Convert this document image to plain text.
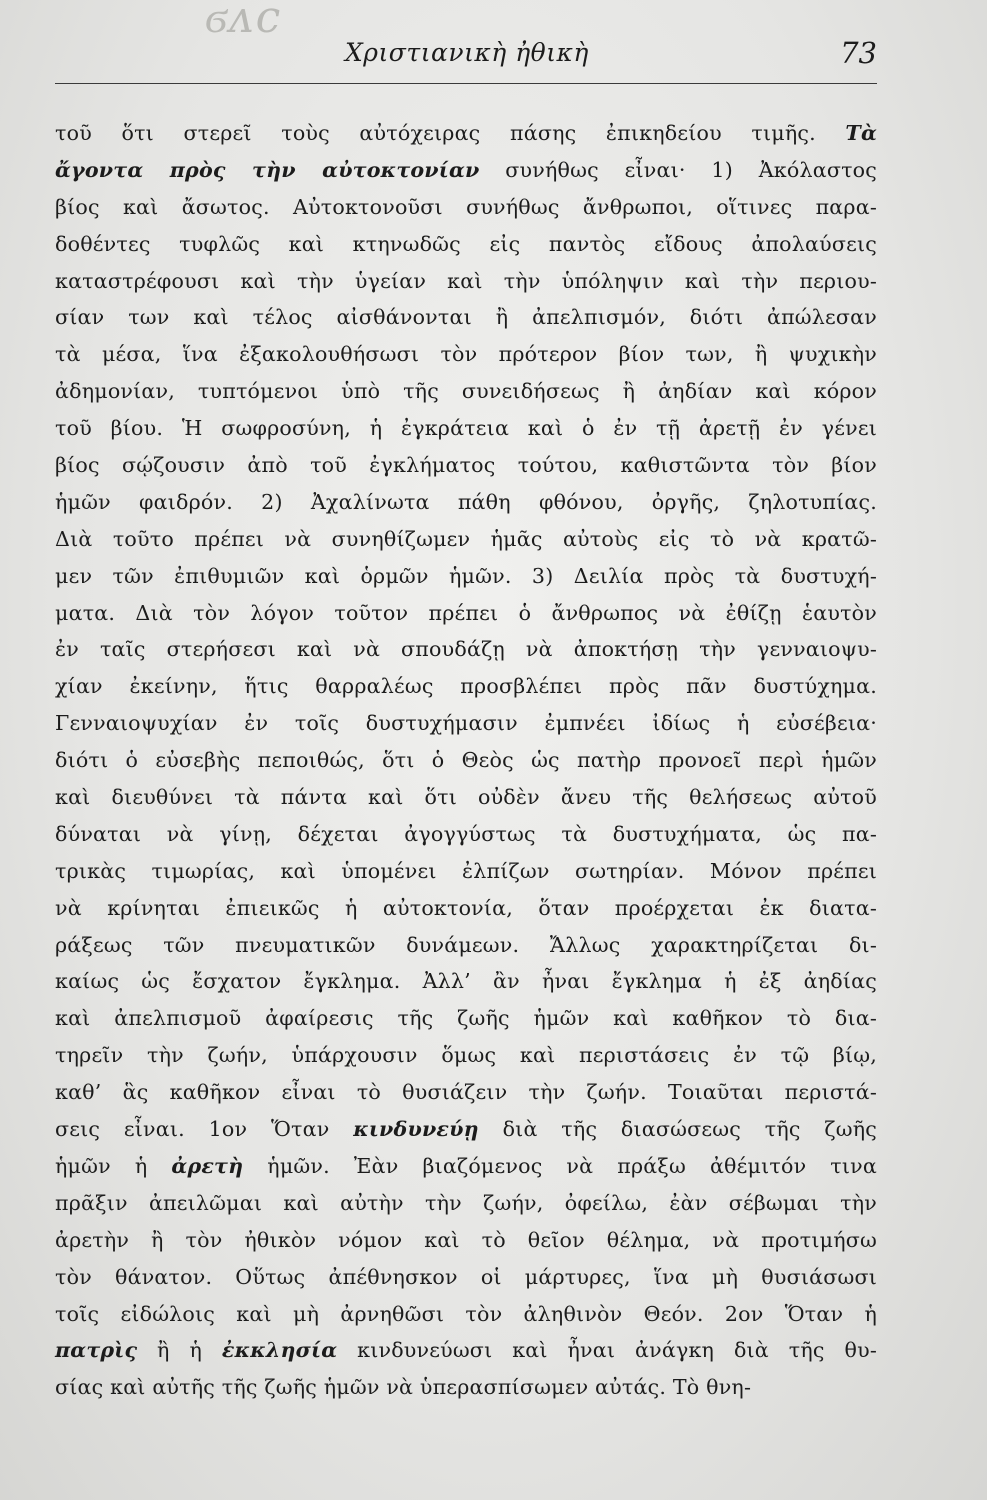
ϭᴧϲ
Χριστιανικὴ ἠθικὴ	73
τοῦ ὅτι στερεῖ τοὺς αὐτόχειρας πάσης ἐπικηδείου τιμῆς. Τὰ
ἄγοντα πρὸς τὴν αὐτοκτονίαν συνήθως εἶναι· 1) Ἀκόλαστος
βίος καὶ ἄσωτος. Αὐτοκτονοῦσι συνήθως ἄνθρωποι, οἵτινες παρα-
δοθέντες τυφλῶς καὶ κτηνωδῶς εἰς παντὸς εἴδους ἀπολαύσεις
καταστρέφουσι καὶ τὴν ὑγείαν καὶ τὴν ὑπόληψιν καὶ τὴν περιου-
σίαν των καὶ τέλος αἰσθάνονται ἢ ἀπελπισμόν, διότι ἀπώλεσαν
τὰ μέσα, ἵνα ἐξακολουθήσωσι τὸν πρότερον βίον των, ἢ ψυχικὴν
ἀδημονίαν, τυπτόμενοι ὑπὸ τῆς συνειδήσεως ἢ ἀηδίαν καὶ κόρον
τοῦ βίου. Ἡ σωφροσύνη, ἡ ἐγκράτεια καὶ ὁ ἐν τῇ ἀρετῇ ἐν γένει
βίος σῴζουσιν ἀπὸ τοῦ ἐγκλήματος τούτου, καθιστῶντα τὸν βίον
ἡμῶν φαιδρόν. 2) Ἀχαλίνωτα πάθη φθόνου, ὀργῆς, ζηλοτυπίας.
Διὰ τοῦτο πρέπει νὰ συνηθίζωμεν ἡμᾶς αὐτοὺς εἰς τὸ νὰ κρατῶ-
μεν τῶν ἐπιθυμιῶν καὶ ὁρμῶν ἡμῶν. 3) Δειλία πρὸς τὰ δυστυχή-
ματα. Διὰ τὸν λόγον τοῦτον πρέπει ὁ ἄνθρωπος νὰ ἐθίζῃ ἑαυτὸν
ἐν ταῖς στερήσεσι καὶ νὰ σπουδάζῃ νὰ ἀποκτήσῃ τὴν γενναιοψυ-
χίαν ἐκείνην, ἥτις θαρραλέως προσβλέπει πρὸς πᾶν δυστύχημα.
Γενναιοψυχίαν ἐν τοῖς δυστυχήμασιν ἐμπνέει ἰδίως ἡ εὐσέβεια·
διότι ὁ εὐσεβὴς πεποιθώς, ὅτι ὁ Θεὸς ὡς πατὴρ προνοεῖ περὶ ἡμῶν
καὶ διευθύνει τὰ πάντα καὶ ὅτι οὐδὲν ἄνευ τῆς θελήσεως αὐτοῦ
δύναται νὰ γίνῃ, δέχεται ἀγογγύστως τὰ δυστυχήματα, ὡς πα-
τρικὰς τιμωρίας, καὶ ὑπομένει ἐλπίζων σωτηρίαν. Μόνον πρέπει
νὰ κρίνηται ἐπιεικῶς ἡ αὐτοκτονία, ὅταν προέρχεται ἐκ διατα-
ράξεως τῶν πνευματικῶν δυνάμεων. Ἄλλως χαρακτηρίζεται δι-
καίως ὡς ἔσχατον ἔγκλημα. Ἀλλ’ ἂν ἦναι ἔγκλημα ἡ ἐξ ἀηδίας
καὶ ἀπελπισμοῦ ἀφαίρεσις τῆς ζωῆς ἡμῶν καὶ καθῆκον τὸ δια-
τηρεῖν τὴν ζωήν, ὑπάρχουσιν ὅμως καὶ περιστάσεις ἐν τῷ βίῳ,
καθ’ ἃς καθῆκον εἶναι τὸ θυσιάζειν τὴν ζωήν. Τοιαῦται περιστά-
σεις εἶναι. 1ον Ὅταν κινδυνεύῃ διὰ τῆς διασώσεως τῆς ζωῆς
ἡμῶν ἡ ἀρετὴ ἡμῶν. Ἐὰν βιαζόμενος νὰ πράξω ἀθέμιτόν τινα
πρᾶξιν ἀπειλῶμαι καὶ αὐτὴν τὴν ζωήν, ὀφείλω, ἐὰν σέβωμαι τὴν
ἀρετὴν ἢ τὸν ἠθικὸν νόμον καὶ τὸ θεῖον θέλημα, νὰ προτιμήσω
τὸν θάνατον. Οὕτως ἀπέθνησκον οἱ μάρτυρες, ἵνα μὴ θυσιάσωσι
τοῖς εἰδώλοις καὶ μὴ ἀρνηθῶσι τὸν ἀληθινὸν Θεόν. 2ον Ὅταν ἡ
πατρὶς ἢ ἡ ἐκκλησία κινδυνεύωσι καὶ ἦναι ἀνάγκη διὰ τῆς θυ-
σίας καὶ αὐτῆς τῆς ζωῆς ἡμῶν νὰ ὑπερασπίσωμεν αὐτάς. Τὸ θνη-
